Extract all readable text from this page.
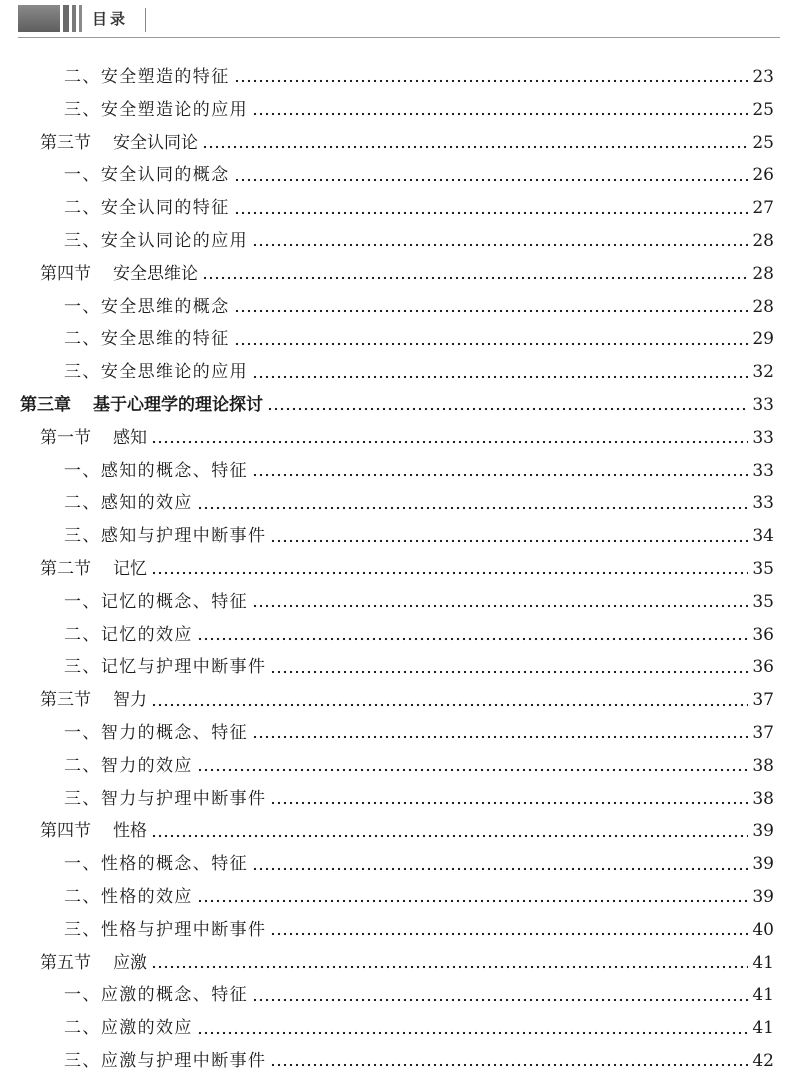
目录
二、安全塑造的特征	23
三、安全塑造论的应用	25
第三节 安全认同论	25
一、安全认同的概念	26
二、安全认同的特征	27
三、安全认同论的应用	28
第四节 安全思维论	28
一、安全思维的概念	28
二、安全思维的特征	29
三、安全思维论的应用	32
第三章 基于心理学的理论探讨	33
第一节 感知	33
一、感知的概念、特征	33
二、感知的效应	33
三、感知与护理中断事件	34
第二节 记忆	35
一、记忆的概念、特征	35
二、记忆的效应	36
三、记忆与护理中断事件	36
第三节 智力	37
一、智力的概念、特征	37
二、智力的效应	38
三、智力与护理中断事件	38
第四节 性格	39
一、性格的概念、特征	39
二、性格的效应	39
三、性格与护理中断事件	40
第五节 应激	41
一、应激的概念、特征	41
二、应激的效应	41
三、应激与护理中断事件	42
